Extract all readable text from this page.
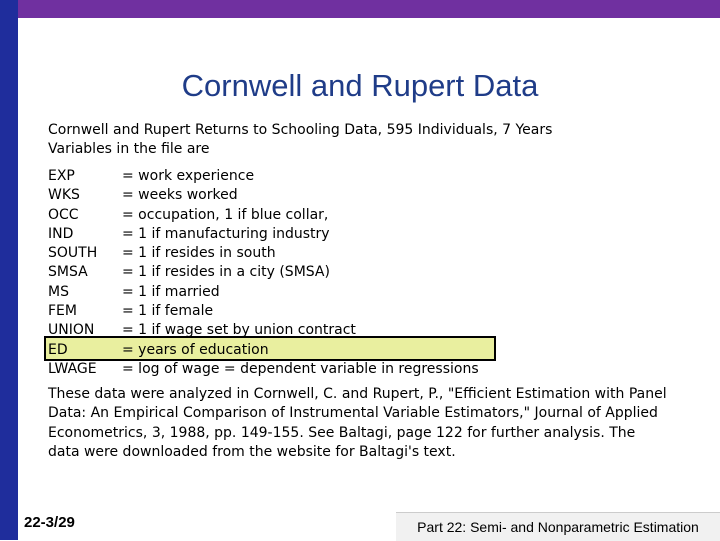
Cornwell and Rupert Data
Cornwell and Rupert Returns to Schooling Data, 595 Individuals, 7 Years
Variables in the file are
EXP	= work experience
WKS	= weeks worked
OCC	= occupation, 1 if blue collar,
IND	= 1 if manufacturing industry
SOUTH	= 1 if resides in south
SMSA	= 1 if resides in a city (SMSA)
MS	= 1 if married
FEM	= 1 if female
UNION	= 1 if wage set by union contract
ED	= years of education
LWAGE	= log of wage = dependent variable in regressions
These data were analyzed in Cornwell, C. and Rupert, P., "Efficient Estimation with Panel
Data: An Empirical Comparison of Instrumental Variable Estimators," Journal of Applied
Econometrics, 3, 1988, pp. 149-155. See Baltagi, page 122 for further analysis. The
data were downloaded from the website for Baltagi's text.
22-3/29	Part 22: Semi- and Nonparametric Estimation
